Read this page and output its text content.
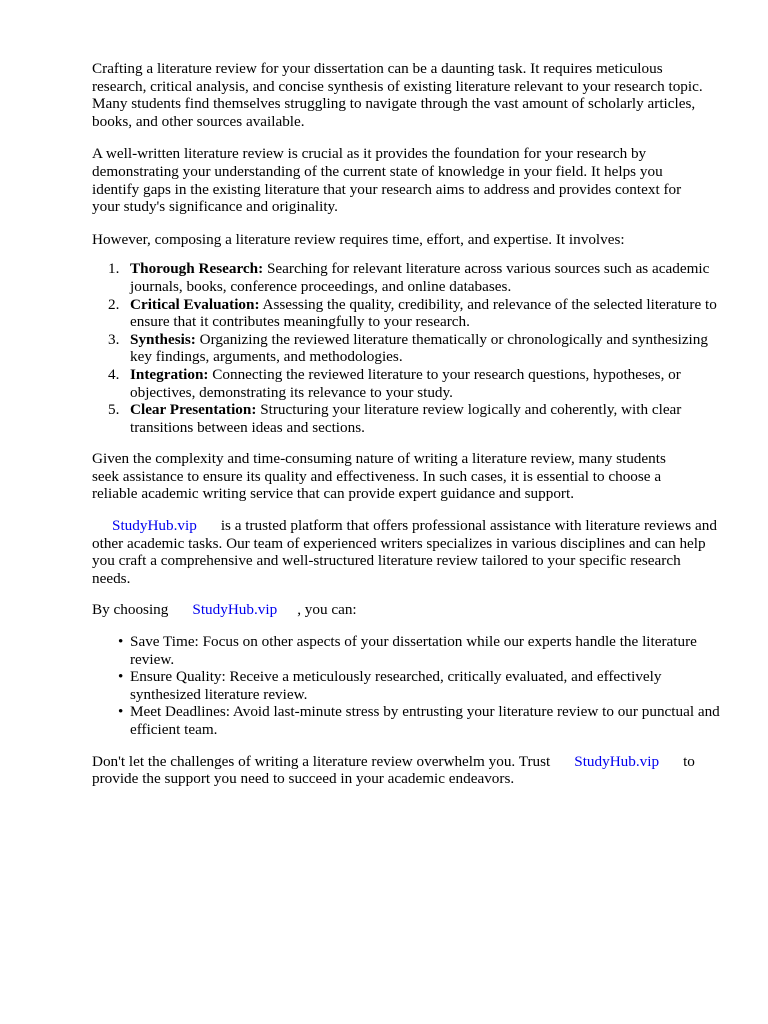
Crafting a literature review for your dissertation can be a daunting task. It requires meticulous research, critical analysis, and concise synthesis of existing literature relevant to your research topic. Many students find themselves struggling to navigate through the vast amount of scholarly articles, books, and other sources available.

A well-written literature review is crucial as it provides the foundation for your research by demonstrating your understanding of the current state of knowledge in your field. It helps you identify gaps in the existing literature that your research aims to address and provides context for your study's significance and originality.

However, composing a literature review requires time, effort, and expertise. It involves:

1. Thorough Research: Searching for relevant literature across various sources such as academic journals, books, conference proceedings, and online databases.
2. Critical Evaluation: Assessing the quality, credibility, and relevance of the selected literature to ensure that it contributes meaningfully to your research.
3. Synthesis: Organizing the reviewed literature thematically or chronologically and synthesizing key findings, arguments, and methodologies.
4. Integration: Connecting the reviewed literature to your research questions, hypotheses, or objectives, demonstrating its relevance to your study.
5. Clear Presentation: Structuring your literature review logically and coherently, with clear transitions between ideas and sections.

Given the complexity and time-consuming nature of writing a literature review, many students seek assistance to ensure its quality and effectiveness. In such cases, it is essential to choose a reliable academic writing service that can provide expert guidance and support.

StudyHub.vip is a trusted platform that offers professional assistance with literature reviews and other academic tasks. Our team of experienced writers specializes in various disciplines and can help you craft a comprehensive and well-structured literature review tailored to your specific research needs.

By choosing StudyHub.vip , you can:

• Save Time: Focus on other aspects of your dissertation while our experts handle the literature review.
• Ensure Quality: Receive a meticulously researched, critically evaluated, and effectively synthesized literature review.
• Meet Deadlines: Avoid last-minute stress by entrusting your literature review to our punctual and efficient team.

Don't let the challenges of writing a literature review overwhelm you. Trust StudyHub.vip to provide the support you need to succeed in your academic endeavors.
